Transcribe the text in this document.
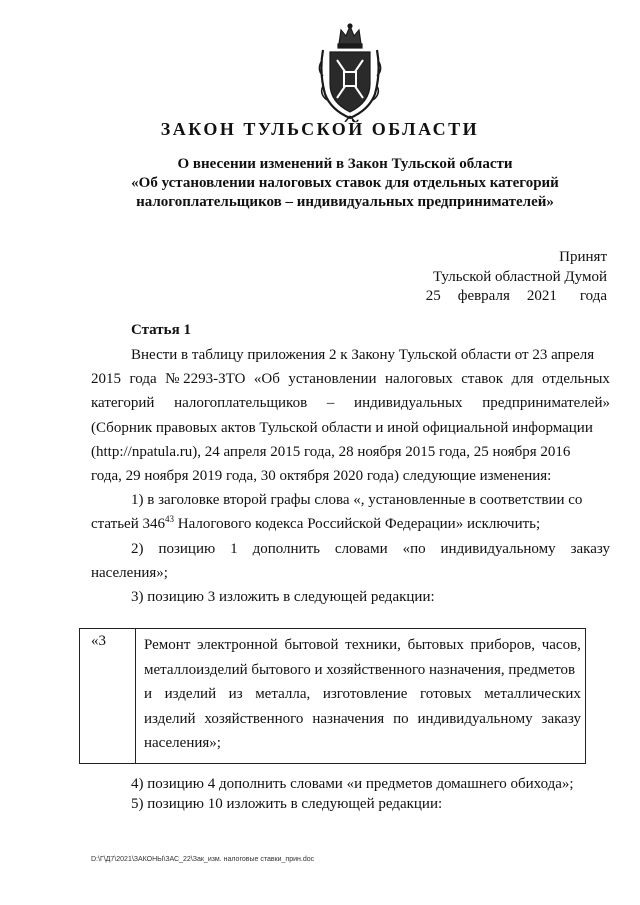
ЗАКОН ТУЛЬСКОЙ ОБЛАСТИ
О внесении изменений в Закон Тульской области
«Об установлении налоговых ставок для отдельных категорий
налогоплательщиков – индивидуальных предпринимателей»
Принят
Тульской областной Думой
25 февраля 2021 года
Статья 1
Внести в таблицу приложения 2 к Закону Тульской области от 23 апреля
2015 года № 2293-ЗТО «Об установлении налоговых ставок для отдельных
категорий налогоплательщиков – индивидуальных предпринимателей»
(Сборник правовых актов Тульской области и иной официальной информации
(http://npatula.ru), 24 апреля 2015 года, 28 ноября 2015 года, 25 ноября 2016
года, 29 ноября 2019 года, 30 октября 2020 года) следующие изменения:
1) в заголовке второй графы слова «, установленные в соответствии со
статьей $346^{43}$ Налогового кодекса Российской Федерации» исключить;
2) позицию 1 дополнить словами «по индивидуальному заказу
населения»;
3) позицию 3 изложить в следующей редакции:
«3	Ремонт электронной бытовой техники, бытовых приборов, часов,
металлоизделий бытового и хозяйственного назначения, предметов
и изделий из металла, изготовление готовых металлических
изделий хозяйственного назначения по индивидуальному заказу
населения»;
4) позицию 4 дополнить словами «и предметов домашнего обихода»;
5) позицию 10 изложить в следующей редакции:
D:\Г\Д7\2021\ЗАКОНЫ\ЗАС_22\Зак_изм. налоговые ставки_прин.doc
